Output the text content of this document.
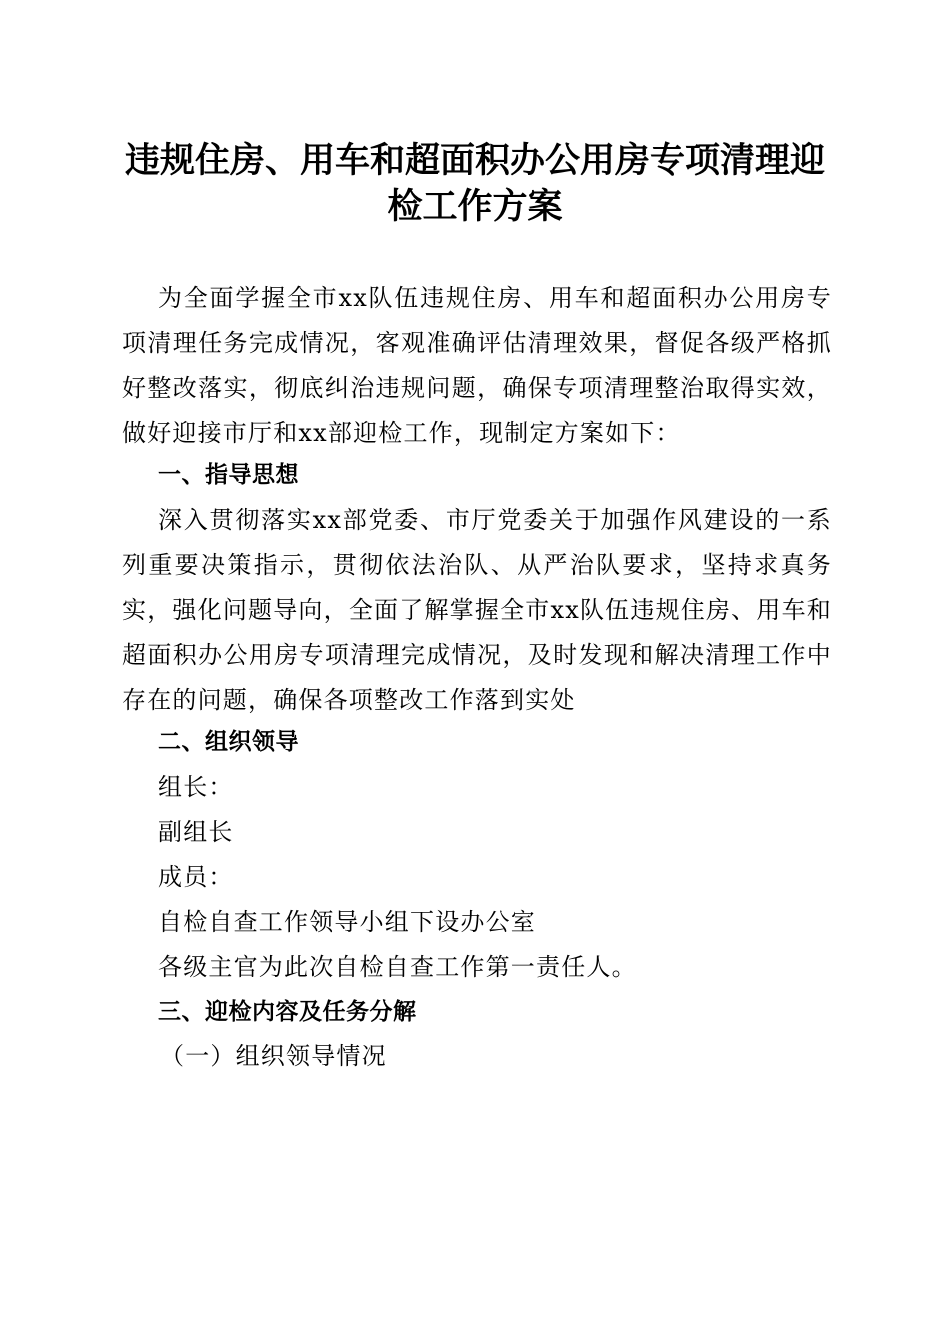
违规住房、用车和超面积办公用房专项清理迎
检工作方案

为全面学握全市xx队伍违规住房、用车和超面积办公用房专项清理任务完成情况，客观准确评估清理效果，督促各级严格抓好整改落实，彻底纠治违规问题，确保专项清理整治取得实效，做好迎接市厅和xx部迎检工作，现制定方案如下：

一、指导思想

深入贯彻落实xx部党委、市厅党委关于加强作风建设的一系列重要决策指示，贯彻依法治队、从严治队要求，坚持求真务实，强化问题导向，全面了解掌握全市xx队伍违规住房、用车和超面积办公用房专项清理完成情况，及时发现和解决清理工作中存在的问题，确保各项整改工作落到实处

二、组织领导

组长：

副组长

成员：

自检自查工作领导小组下设办公室

各级主官为此次自检自查工作第一责任人。

三、迎检内容及任务分解

（一）组织领导情况
